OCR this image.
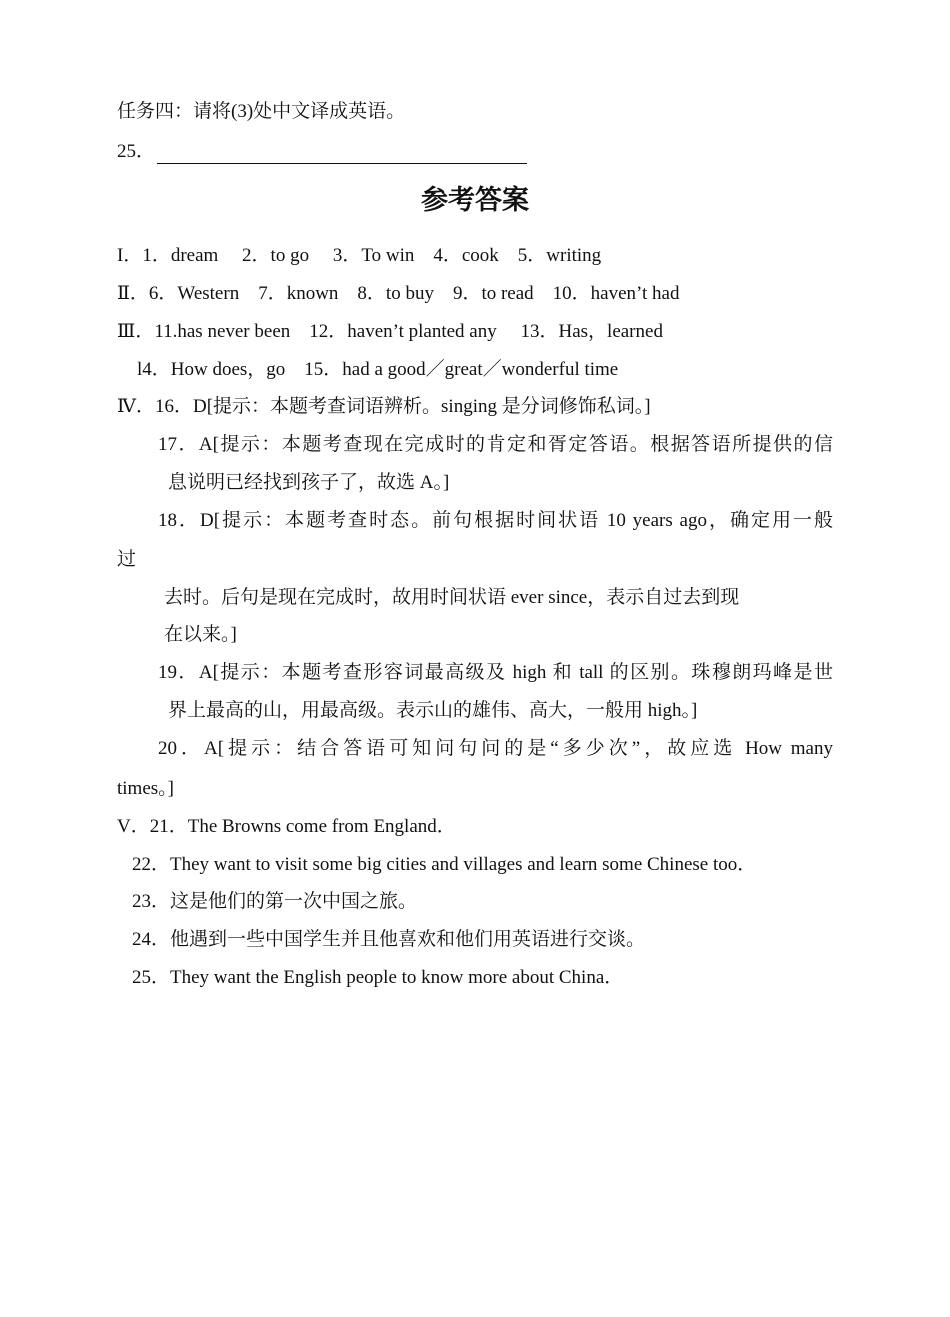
任务四：请将(3)处中文译成英语。
25．
参考答案
I．1．dream　 2．to go　 3．To win　4．cook　5．writing
Ⅱ．6．Western　7．known　8．to buy　9．to read　10．haven’t had
Ⅲ．11.has never been　12．haven’t planted any　 13．Has，learned
l4．How does，go　15．had a good／great／wonderful time
Ⅳ．16．D[提示：本题考查词语辨析。singing 是分词修饰私词。]
17．A[提示：本题考查现在完成时的肯定和胥定答语。根据答语所提供的信
息说明已经找到孩子了，故选 A。]
18．D[提示：本题考查时态。前句根据时间状语 10 years ago，确定用一般
过
去时。后句是现在完成时，故用时间状语 ever since，表示自过去到现
在以来。]
19．A[提示：本题考查形容词最高级及 high 和 tall 的区别。珠穆朗玛峰是世
界上最高的山，用最高级。表示山的雄伟、高大，一般用 high。]
20．A[提示：结合答语可知问句问的是“多少次”，故应选 How many
times。]
V．21．The Browns come from England．
22．They want to visit some big cities and villages and learn some Chinese too．
23．这是他们的第一次中国之旅。
24．他遇到一些中国学生并且他喜欢和他们用英语进行交谈。
25．They want the English people to know more about China．
